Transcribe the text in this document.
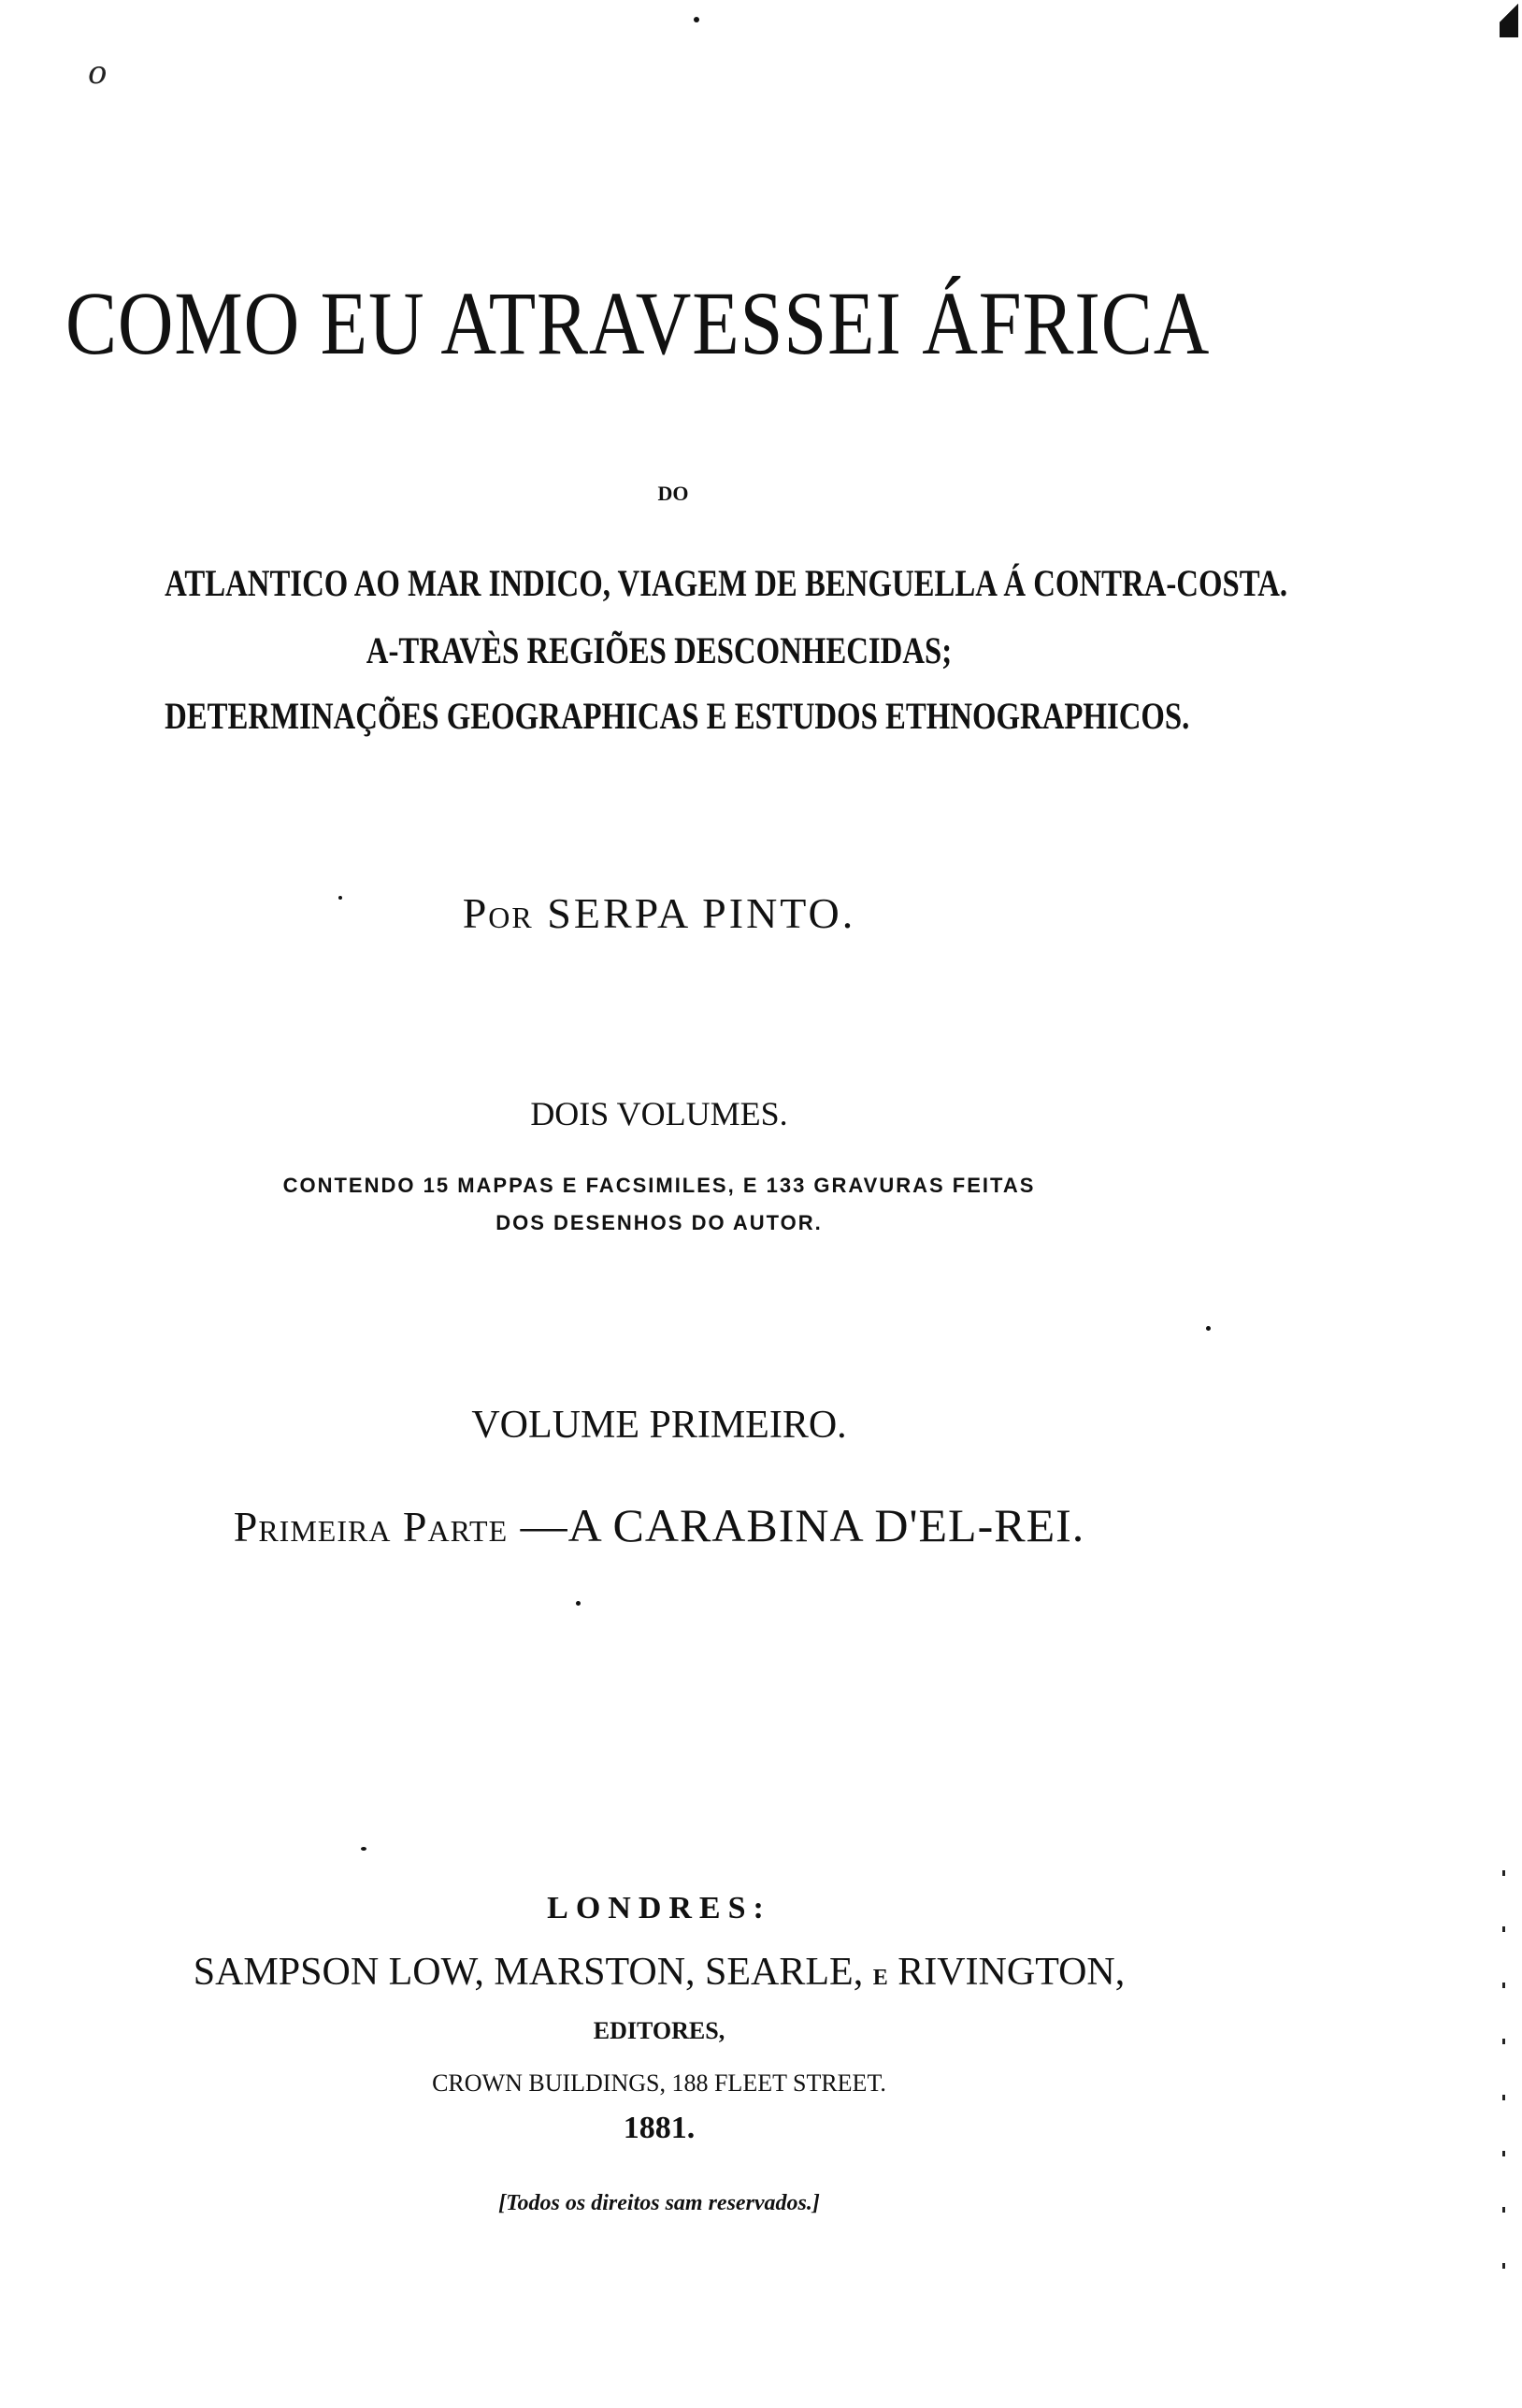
o
COMO EU ATRAVESSEI ÁFRICA
DO
ATLANTICO AO MAR INDICO, VIAGEM DE BENGUELLA Á CONTRA-COSTA.
A-TRAVÈS REGIÕES DESCONHECIDAS;
DETERMINAÇÕES GEOGRAPHICAS E ESTUDOS ETHNOGRAPHICOS.
Por SERPA PINTO.
DOIS VOLUMES.
CONTENDO 15 MAPPAS E FACSIMILES, E 133 GRAVURAS FEITAS
DOS DESENHOS DO AUTOR.
VOLUME PRIMEIRO.
Primeira Parte —A CARABINA D'EL-REI.
LONDRES:
SAMPSON LOW, MARSTON, SEARLE, E RIVINGTON,
EDITORES,
CROWN BUILDINGS, 188 FLEET STREET.
1881.
[Todos os direitos sam reservados.]
